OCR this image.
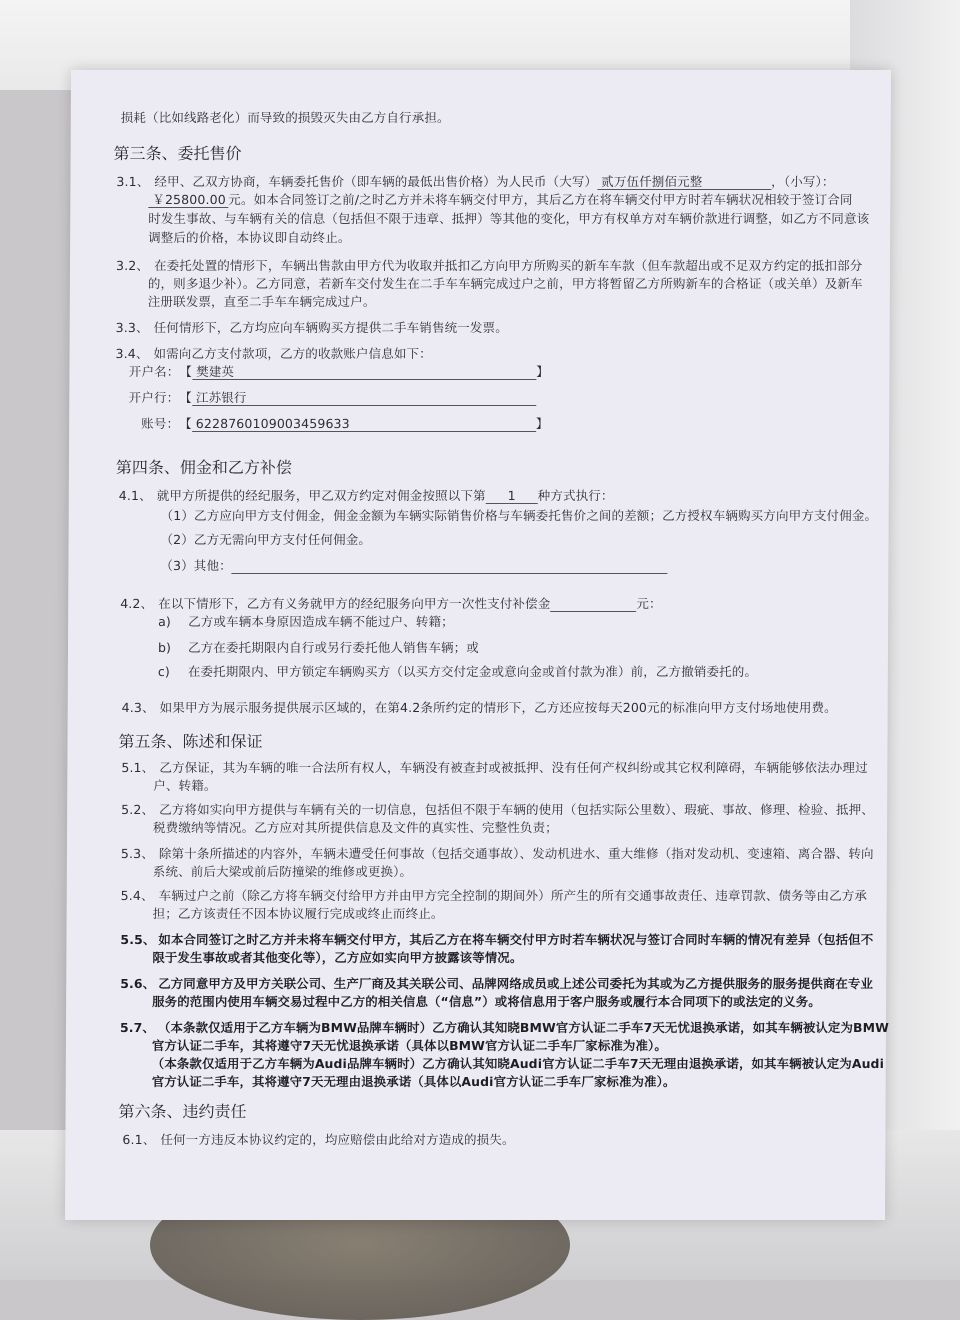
损耗（比如线路老化）而导致的损毁灭失由乙方自行承担。
第三条、委托售价
3.1、 经甲、乙双方协商，车辆委托售价（即车辆的最低出售价格）为人民币（大写） 贰万伍仟捌佰元整	，（小写）：
￥25800.00 元。如本合同签订之前/之时乙方并未将车辆交付甲方，其后乙方在将车辆交付甲方时若车辆状况相较于签订合同
时发生事故、与车辆有关的信息（包括但不限于违章、抵押）等其他的变化，甲方有权单方对车辆价款进行调整，如乙方不同意该
调整后的价格，本协议即自动终止。
3.2、 在委托处置的情形下，车辆出售款由甲方代为收取并抵扣乙方向甲方所购买的新车车款（但车款超出或不足双方约定的抵扣部分
的，则多退少补）。乙方同意，若新车交付发生在二手车车辆完成过户之前，甲方将暂留乙方所购新车的合格证（或关单）及新车
注册联发票，直至二手车车辆完成过户。
3.3、 任何情形下，乙方均应向车辆购买方提供二手车销售统一发票。
3.4、 如需向乙方支付款项，乙方的收款账户信息如下：
开户名：【 樊建英	】
开户行：【 江苏银行
账号：【 6228760109003459633	】
第四条、佣金和乙方补偿
4.1、 就甲方所提供的经纪服务，甲乙双方约定对佣金按照以下第 1 种方式执行：
（1）乙方应向甲方支付佣金，佣金金额为车辆实际销售价格与车辆委托售价之间的差额；乙方授权车辆购买方向甲方支付佣金。
（2）乙方无需向甲方支付任何佣金。
（3）其他：
4.2、 在以下情形下，乙方有义务就甲方的经纪服务向甲方一次性支付补偿金	元：
a) 乙方或车辆本身原因造成车辆不能过户、转籍；
b) 乙方在委托期限内自行或另行委托他人销售车辆；或
c) 在委托期限内、甲方锁定车辆购买方（以买方交付定金或意向金或首付款为准）前，乙方撤销委托的。
4.3、 如果甲方为展示服务提供展示区域的，在第4.2条所约定的情形下，乙方还应按每天200元的标准向甲方支付场地使用费。
第五条、陈述和保证
5.1、 乙方保证，其为车辆的唯一合法所有权人，车辆没有被查封或被抵押、没有任何产权纠纷或其它权利障碍，车辆能够依法办理过
户、转籍。
5.2、 乙方将如实向甲方提供与车辆有关的一切信息，包括但不限于车辆的使用（包括实际公里数）、瑕疵、事故、修理、检验、抵押、
税费缴纳等情况。乙方应对其所提供信息及文件的真实性、完整性负责；
5.3、 除第十条所描述的内容外，车辆未遭受任何事故（包括交通事故）、发动机进水、重大维修（指对发动机、变速箱、离合器、转向
系统、前后大梁或前后防撞梁的维修或更换）。
5.4、 车辆过户之前（除乙方将车辆交付给甲方并由甲方完全控制的期间外）所产生的所有交通事故责任、违章罚款、债务等由乙方承
担；乙方该责任不因本协议履行完成或终止而终止。
5.5、 如本合同签订之时乙方并未将车辆交付甲方，其后乙方在将车辆交付甲方时若车辆状况与签订合同时车辆的情况有差异（包括但不
限于发生事故或者其他变化等），乙方应如实向甲方披露该等情况。
5.6、 乙方同意甲方及甲方关联公司、生产厂商及其关联公司、品牌网络成员或上述公司委托为其或为乙方提供服务的服务提供商在专业
服务的范围内使用车辆交易过程中乙方的相关信息（“信息”）或将信息用于客户服务或履行本合同项下的或法定的义务。
5.7、 （本条款仅适用于乙方车辆为BMW品牌车辆时）乙方确认其知晓BMW官方认证二手车7天无忧退换承诺，如其车辆被认定为BMW
官方认证二手车，其将遵守7天无忧退换承诺（具体以BMW官方认证二手车厂家标准为准）。
（本条款仅适用于乙方车辆为Audi品牌车辆时）乙方确认其知晓Audi官方认证二手车7天无理由退换承诺，如其车辆被认定为Audi
官方认证二手车，其将遵守7天无理由退换承诺（具体以Audi官方认证二手车厂家标准为准）。
第六条、违约责任
6.1、 任何一方违反本协议约定的，均应赔偿由此给对方造成的损失。
